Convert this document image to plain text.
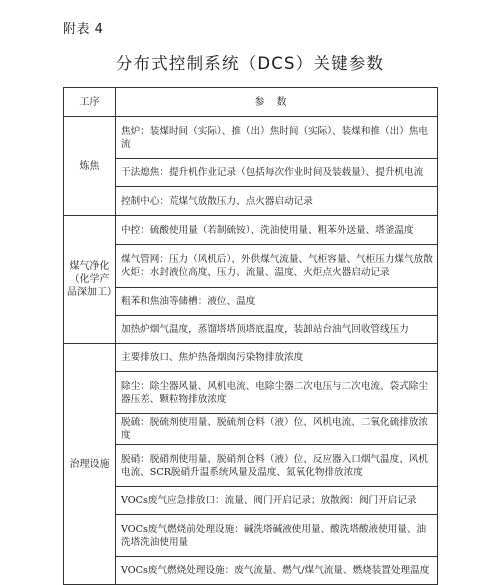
附表 4
分布式控制系统（DCS）关键参数
工序	参数
炼焦	焦炉：装煤时间（实际）、推（出）焦时间（实际）、装煤和推（出）焦电流
	干法熄焦：提升机作业记录（包括每次作业时间及装载量）、提升机电流
	控制中心：荒煤气放散压力、点火器启动记录
煤气净化（化学产品深加工）	中控：硫酸使用量（若制硫铵）、洗油使用量、粗苯外送量、塔釜温度
	煤气管网：压力（风机后）、外供煤气流量、气柜容量、气柜压力煤气放散火炬：水封液位高度、压力、流量、温度、火炬点火器启动记录
	粗苯和焦油等储槽：液位、温度
	加热炉烟气温度，蒸馏塔塔顶塔底温度，装卸站台油气回收管线压力
治理设施	主要排放口、焦炉热备烟囱污染物排放浓度
	除尘：除尘器风量、风机电流、电除尘器二次电压与二次电流、袋式除尘器压差、颗粒物排放浓度
	脱硫：脱硫剂使用量、脱硫剂仓料（液）位、风机电流、二氧化硫排放浓度
	脱硝：脱硝剂使用量、脱硝剂仓料（液）位、反应器入口烟气温度、风机电流、SCR脱硝升温系统风量及温度、氮氧化物排放浓度
	VOCs废气应急排放口：流量、阀门开启记录；放散阀：阀门开启记录
	VOCs废气燃烧前处理设施：碱洗塔碱液使用量、酸洗塔酸液使用量、油洗塔洗油使用量
	VOCs废气燃烧处理设施：废气流量、燃气/煤气流量、燃烧装置处理温度
